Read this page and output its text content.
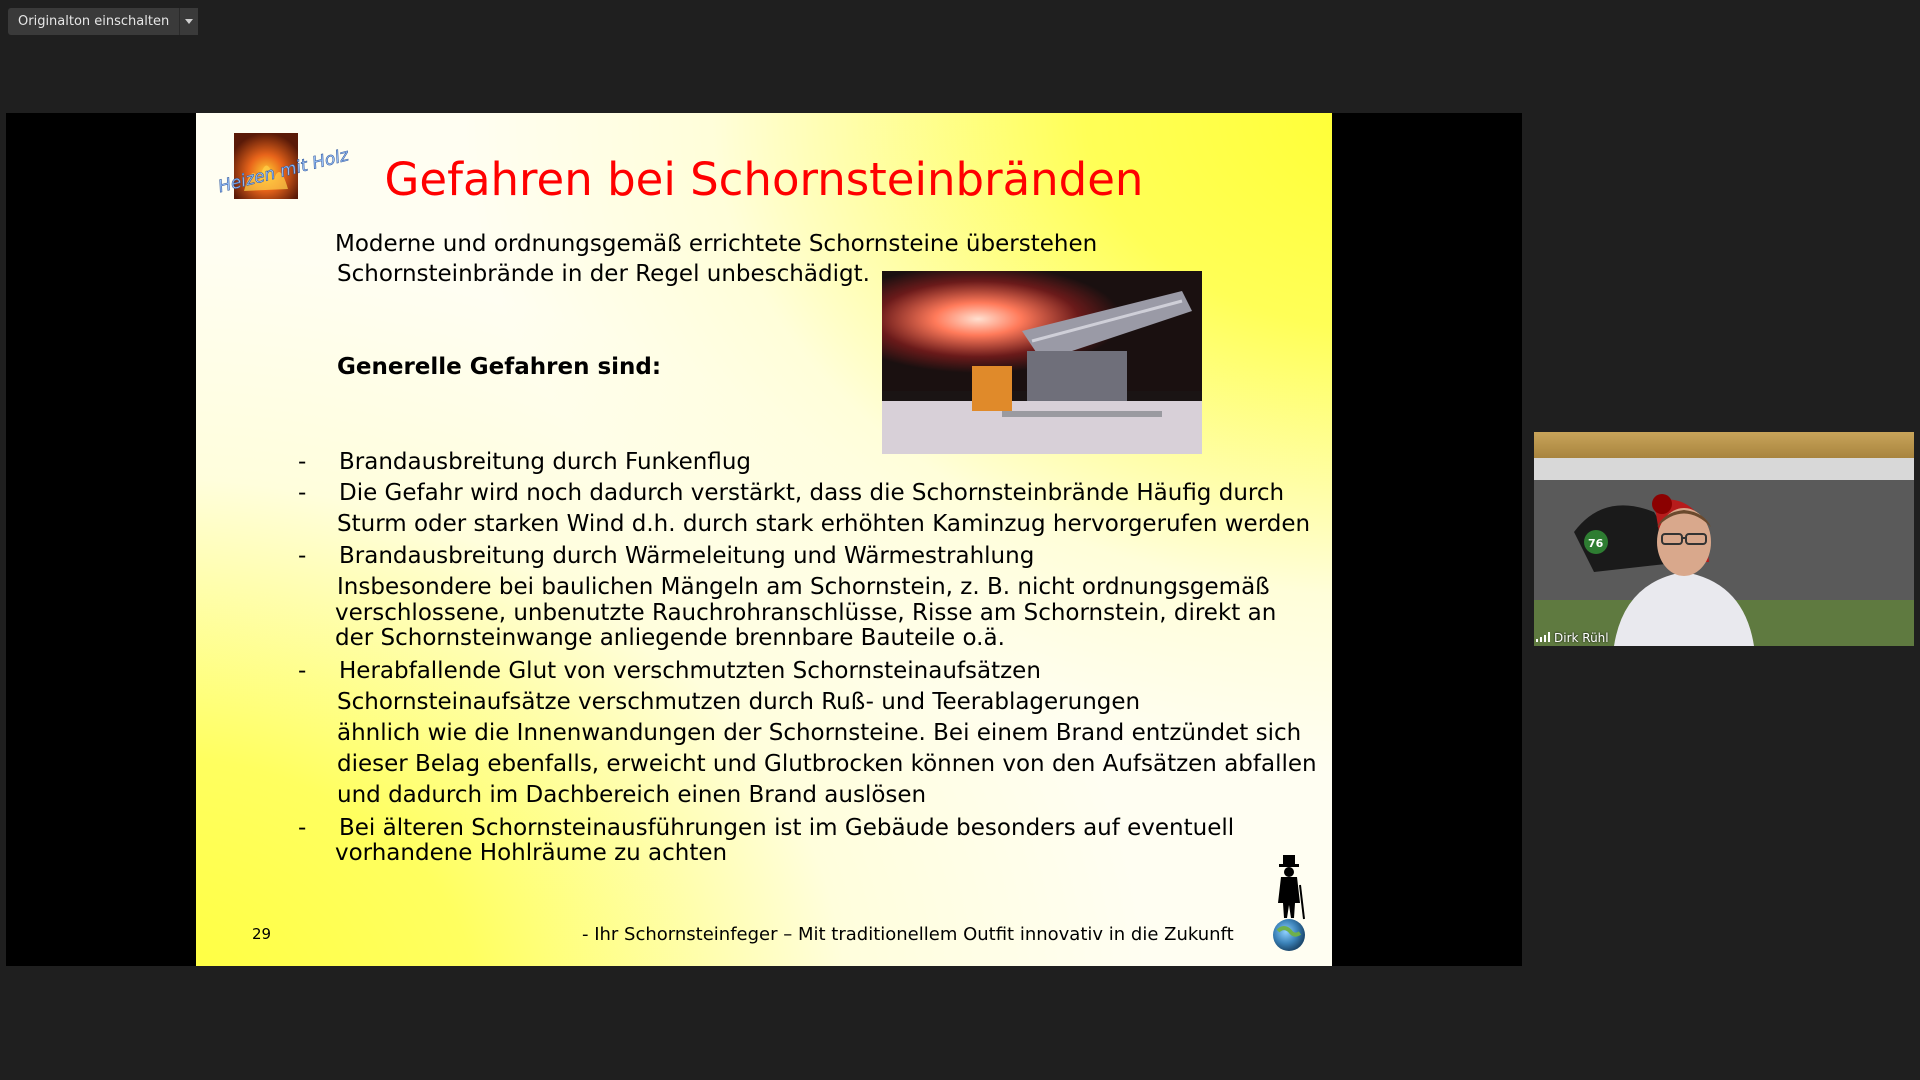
Originalton einschalten
Heizen mit Holz Gefahren bei Schornsteinbränden
Moderne und ordnungsgemäß errichtete Schornsteine überstehen
Schornsteinbrände in der Regel unbeschädigt.
Generelle Gefahren sind:
- Brandausbreitung durch Funkenflug
- Die Gefahr wird noch dadurch verstärkt, dass die Schornsteinbrände Häufig durch
Sturm oder starken Wind d.h. durch stark erhöhten Kaminzug hervorgerufen werden
- Brandausbreitung durch Wärmeleitung und Wärmestrahlung
Insbesondere bei baulichen Mängeln am Schornstein, z. B. nicht ordnungsgemäß
verschlossene, unbenutzte Rauchrohranschlüsse, Risse am Schornstein, direkt an
der Schornsteinwange anliegende brennbare Bauteile o.ä.
- Herabfallende Glut von verschmutzten Schornsteinaufsätzen
Schornsteinaufsätze verschmutzen durch Ruß- und Teerablagerungen
ähnlich wie die Innenwandungen der Schornsteine. Bei einem Brand entzündet sich
dieser Belag ebenfalls, erweicht und Glutbrocken können von den Aufsätzen abfallen
und dadurch im Dachbereich einen Brand auslösen
- Bei älteren Schornsteinausführungen ist im Gebäude besonders auf eventuell
vorhandene Hohlräume zu achten
29	- Ihr Schornsteinfeger – Mit traditionellem Outfit innovativ in die Zukunft
76
Dirk Rühl
